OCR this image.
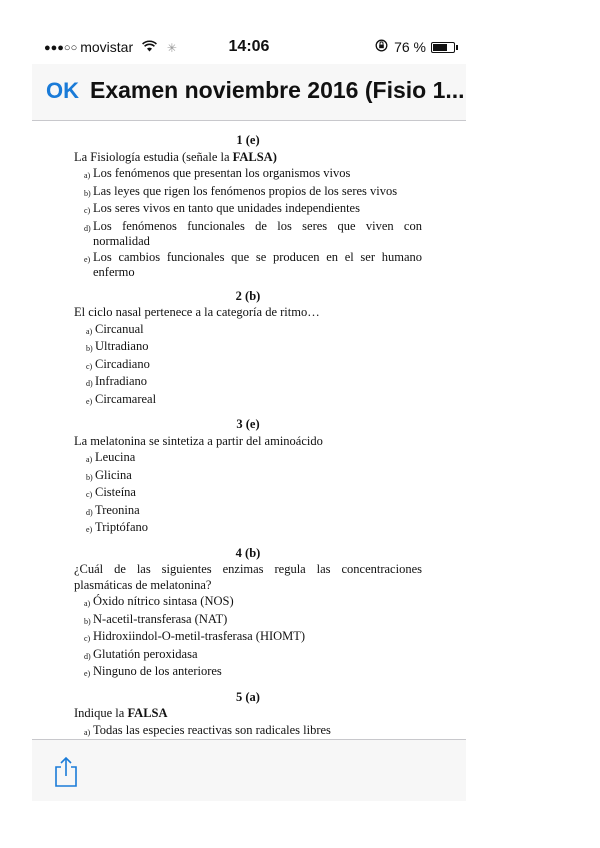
●●●○○ movistar	✳	14:06	76 %
OK Examen noviembre 2016 (Fisio 1...
1 (e)
La Fisiología estudia (señale la FALSA)
a) Los fenómenos que presentan los organismos vivos
b) Las leyes que rigen los fenómenos propios de los seres vivos
c) Los seres vivos en tanto que unidades independientes
d) Los fenómenos funcionales de los seres que viven con normalidad
e) Los cambios funcionales que se producen en el ser humano enfermo
2 (b)
El ciclo nasal pertenece a la categoría de ritmo…
a) Circanual
b) Ultradiano
c) Circadiano
d) Infradiano
e) Circamareal
3 (e)
La melatonina se sintetiza a partir del aminoácido
a) Leucina
b) Glicina
c) Cisteína
d) Treonina
e) Triptófano
4 (b)
¿Cuál de las siguientes enzimas regula las concentraciones plasmáticas de melatonina?
a) Óxido nítrico sintasa (NOS)
b) N-acetil-transferasa (NAT)
c) Hidroxiindol-O-metil-trasferasa (HIOMT)
d) Glutatión peroxidasa
e) Ninguno de los anteriores
5 (a)
Indique la FALSA
a) Todas las especies reactivas son radicales libres
